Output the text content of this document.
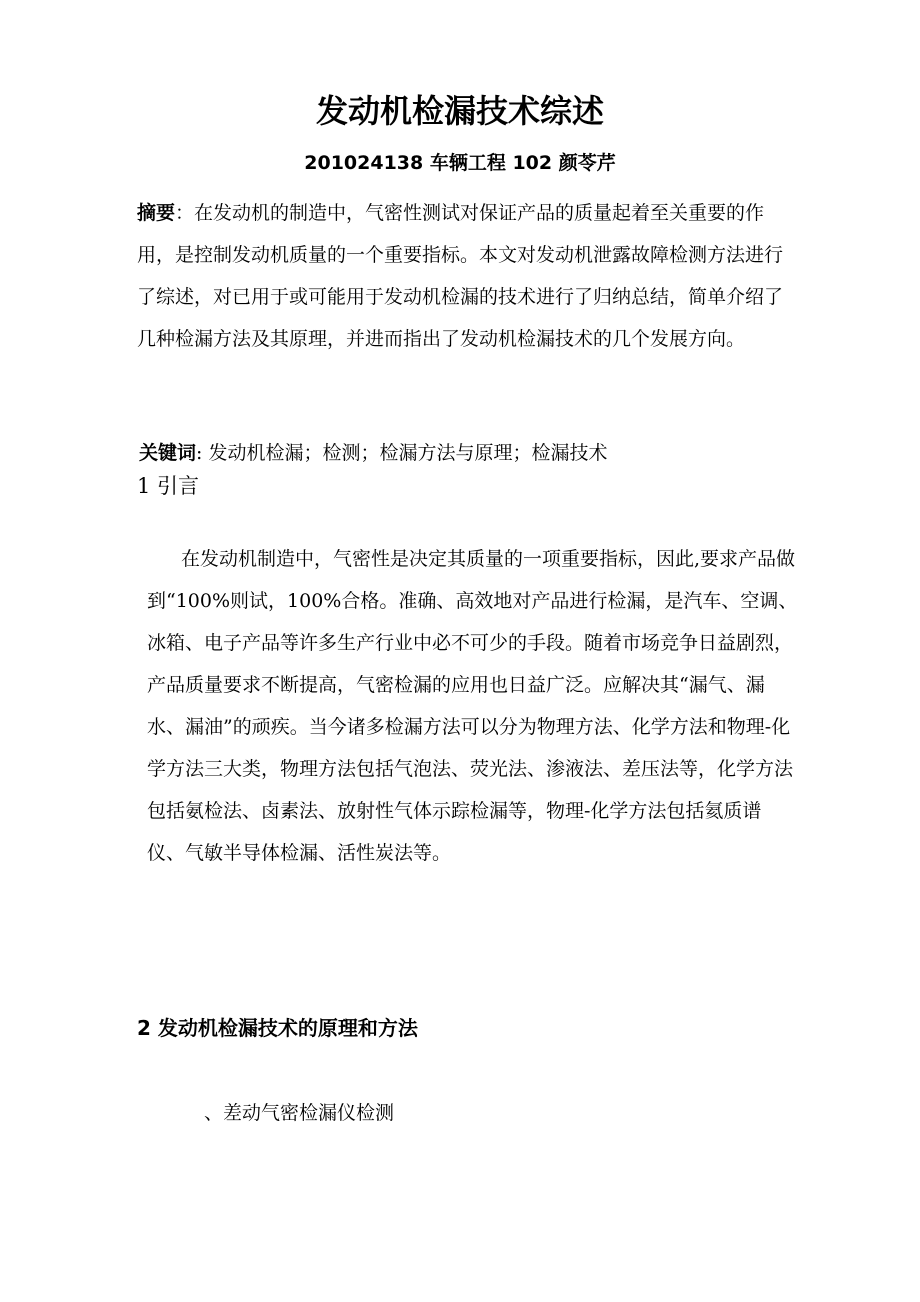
发动机检漏技术综述

201024138 车辆工程 102 颜苓芹

摘要：在发动机的制造中，气密性测试对保证产品的质量起着至关重要的作用，是控制发动机质量的一个重要指标。本文对发动机泄露故障检测方法进行了综述，对已用于或可能用于发动机检漏的技术进行了归纳总结，简单介绍了几种检漏方法及其原理，并进而指出了发动机检漏技术的几个发展方向。

关键词: 发动机检漏；检测；检漏方法与原理；检漏技术

1 引言

在发动机制造中，气密性是决定其质量的一项重要指标，因此,要求产品做到“100%则试，100%合格。准确、高效地对产品进行检漏，是汽车、空调、冰箱、电子产品等许多生产行业中必不可少的手段。随着市场竞争日益剧烈，产品质量要求不断提高，气密检漏的应用也日益广泛。应解决其“漏气、漏水、漏油”的顽疾。当今诸多检漏方法可以分为物理方法、化学方法和物理-化学方法三大类，物理方法包括气泡法、荧光法、渗液法、差压法等，化学方法包括氨检法、卤素法、放射性气体示踪检漏等，物理-化学方法包括氦质谱仪、气敏半导体检漏、活性炭法等。

2 发动机检漏技术的原理和方法

、差动气密检漏仪检测
